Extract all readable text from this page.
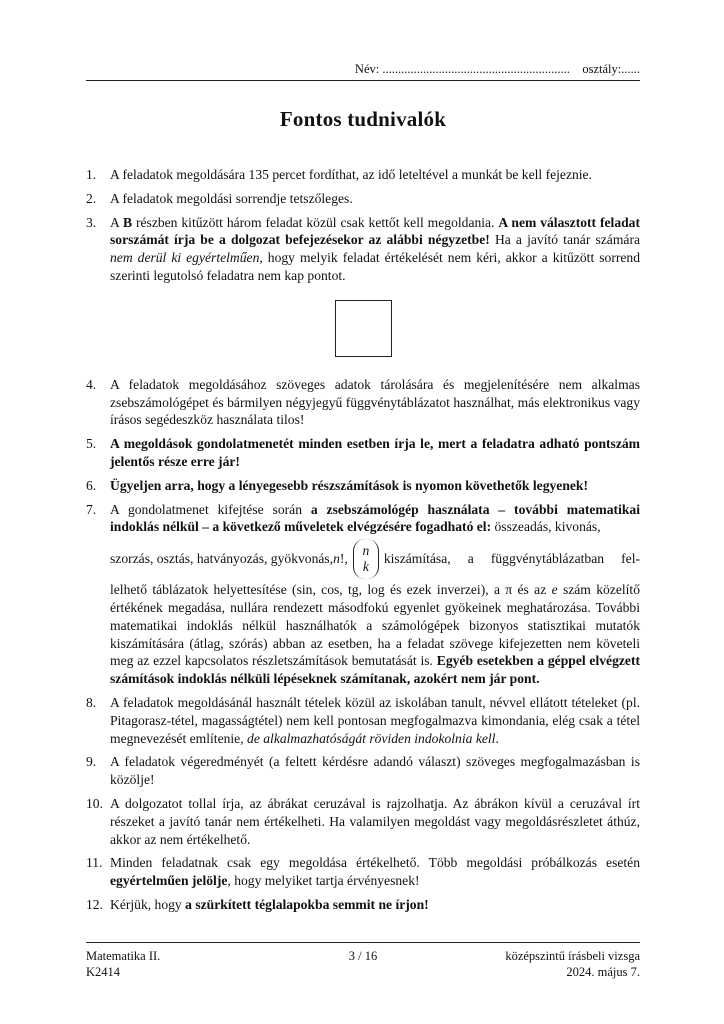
Név: ............................................................ osztály:......
Fontos tudnivalók
1. A feladatok megoldására 135 percet fordíthat, az idő leteltével a munkát be kell fejeznie.

2. A feladatok megoldási sorrendje tetszőleges.

3. A B részben kitűzött három feladat közül csak kettőt kell megoldania. A nem választott feladat sorszámát írja be a dolgozat befejezésekor az alábbi négyzetbe! Ha a javító tanár számára nem derül ki egyértelműen, hogy melyik feladat értékelését nem kéri, akkor a kitűzött sorrend szerinti legutolsó feladatra nem kap pontot.

4. A feladatok megoldásához szöveges adatok tárolására és megjelenítésére nem alkalmas zsebszámológépet és bármilyen négyjegyű függvénytáblázatot használhat, más elektronikus vagy írásos segédeszköz használata tilos!

5. A megoldások gondolatmenetét minden esetben írja le, mert a feladatra adható pontszám jelentős része erre jár!

6. Ügyeljen arra, hogy a lényegesebb részszámítások is nyomon követhetők legyenek!

7. A gondolatmenet kifejtése során a zsebszámológép használata – további matematikai indoklás nélkül – a következő műveletek elvégzésére fogadható el: összeadás, kivonás,

szorzás, osztás, hatványozás, gyökvonás, n !,
n
k
kiszámítása, a függvénytáblázatban fel-

lelhető táblázatok helyettesítése (sin, cos, tg, log és ezek inverzei), a π és az e szám közelítő értékének megadása, nullára rendezett másodfokú egyenlet gyökeinek meghatározása. További matematikai indoklás nélkül használhatók a számológépek bizonyos statisztikai mutatók kiszámítására (átlag, szórás) abban az esetben, ha a feladat szövege kifejezetten nem követeli meg az ezzel kapcsolatos részletszámítások bemutatását is. Egyéb esetekben a géppel elvégzett számítások indoklás nélküli lépéseknek számítanak, azokért nem jár pont.

8. A feladatok megoldásánál használt tételek közül az iskolában tanult, névvel ellátott tételeket (pl. Pitagorasz-tétel, magasságtétel) nem kell pontosan megfogalmazva kimondania, elég csak a tétel megnevezését említenie, de alkalmazhatóságát röviden indokolnia kell.

9. A feladatok végeredményét (a feltett kérdésre adandó választ) szöveges megfogalmazásban is közölje!

10. A dolgozatot tollal írja, az ábrákat ceruzával is rajzolhatja. Az ábrákon kívül a ceruzával írt részeket a javító tanár nem értékelheti. Ha valamilyen megoldást vagy megoldásrészletet áthúz, akkor az nem értékelhető.

11. Minden feladatnak csak egy megoldása értékelhető. Több megoldási próbálkozás esetén egyértelműen jelölje, hogy melyiket tartja érvényesnek!

12. Kérjük, hogy a szürkített téglalapokba semmit ne írjon!

Matematika II.
K2414
3 / 16	középszintű írásbeli vizsga
2024. május 7.
